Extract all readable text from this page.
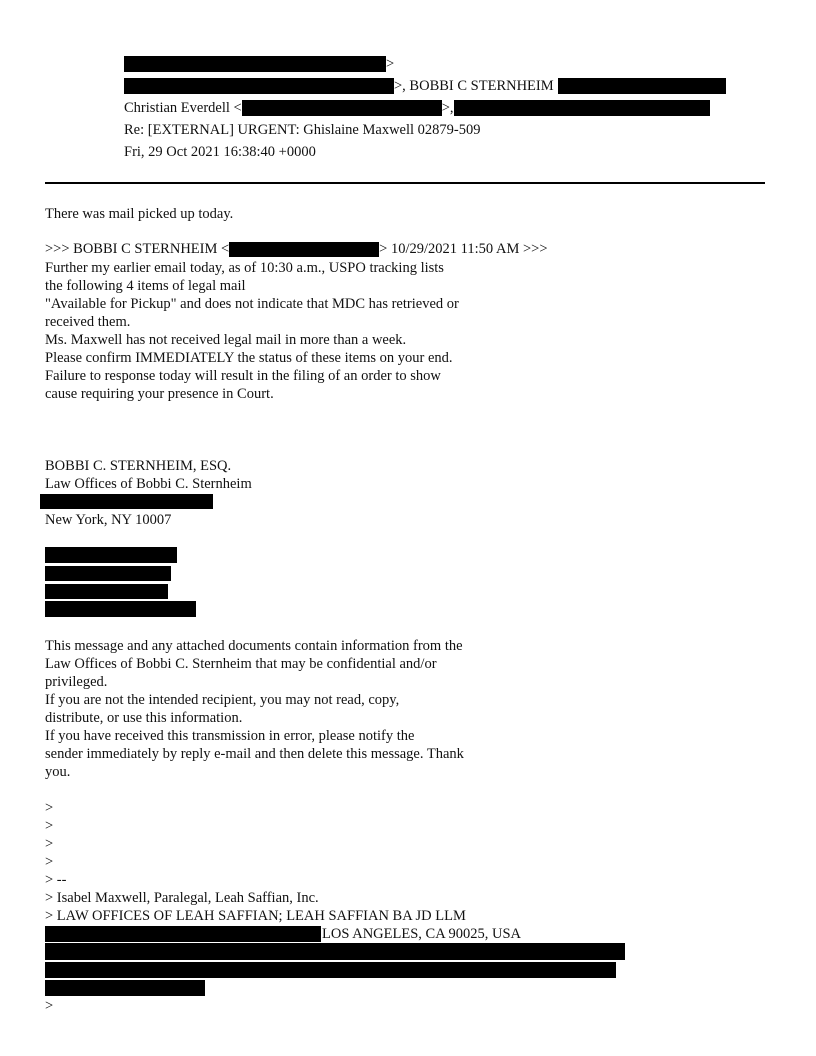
>
>, BOBBI C STERNHEIM
Christian Everdell <	>,
Re: [EXTERNAL] URGENT: Ghislaine Maxwell 02879-509
Fri, 29 Oct 2021 16:38:40 +0000
There was mail picked up today.
>>> BOBBI C STERNHEIM <	> 10/29/2021 11:50 AM >>>
Further my earlier email today, as of 10:30 a.m., USPO tracking lists
the following 4 items of legal mail
"Available for Pickup" and does not indicate that MDC has retrieved or
received them.
Ms. Maxwell has not received legal mail in more than a week.
Please confirm IMMEDIATELY the status of these items on your end.
Failure to response today will result in the filing of an order to show
cause requiring your presence in Court.
BOBBI C. STERNHEIM, ESQ.
Law Offices of Bobbi C. Sternheim
New York, NY 10007
This message and any attached documents contain information from the
Law Offices of Bobbi C. Sternheim that may be confidential and/or
privileged.
If you are not the intended recipient, you may not read, copy,
distribute, or use this information.
If you have received this transmission in error, please notify the
sender immediately by reply e-mail and then delete this message. Thank
you.
>
>
>
>
> --
> Isabel Maxwell, Paralegal, Leah Saffian, Inc.
> LAW OFFICES OF LEAH SAFFIAN; LEAH SAFFIAN BA JD LLM
LOS ANGELES, CA 90025, USA
>
